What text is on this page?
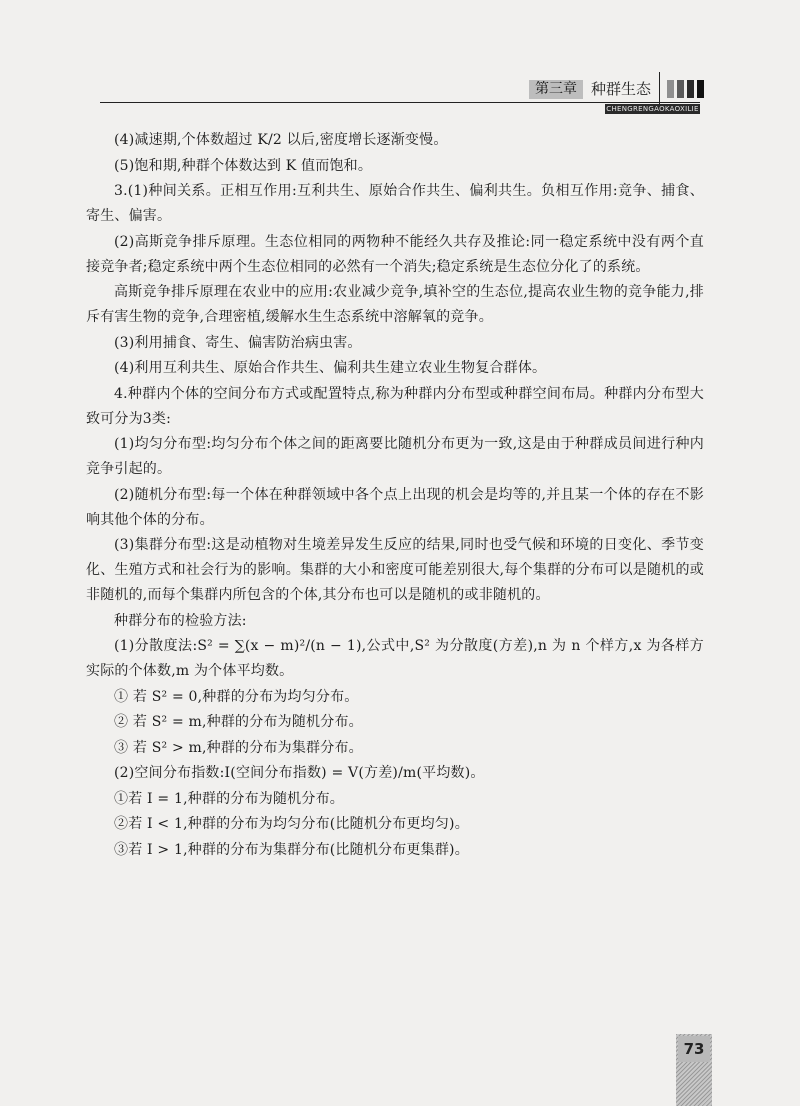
第三章 种群生态
CHENGRENGAOKAOXILIE

(4)减速期,个体数超过 K/2 以后,密度增长逐渐变慢。

(5)饱和期,种群个体数达到 K 值而饱和。

3.(1)种间关系。正相互作用:互利共生、原始合作共生、偏利共生。负相互作用:竞争、捕食、寄生、偏害。

(2)高斯竞争排斥原理。生态位相同的两物种不能经久共存及推论:同一稳定系统中没有两个直接竞争者;稳定系统中两个生态位相同的必然有一个消失;稳定系统是生态位分化了的系统。

高斯竞争排斥原理在农业中的应用:农业减少竞争,填补空的生态位,提高农业生物的竞争能力,排斥有害生物的竞争,合理密植,缓解水生生态系统中溶解氧的竞争。

(3)利用捕食、寄生、偏害防治病虫害。

(4)利用互利共生、原始合作共生、偏利共生建立农业生物复合群体。

4.种群内个体的空间分布方式或配置特点,称为种群内分布型或种群空间布局。种群内分布型大致可分为3类:

(1)均匀分布型:均匀分布个体之间的距离要比随机分布更为一致,这是由于种群成员间进行种内竞争引起的。

(2)随机分布型:每一个体在种群领域中各个点上出现的机会是均等的,并且某一个体的存在不影响其他个体的分布。

(3)集群分布型:这是动植物对生境差异发生反应的结果,同时也受气候和环境的日变化、季节变化、生殖方式和社会行为的影响。集群的大小和密度可能差别很大,每个集群的分布可以是随机的或非随机的,而每个集群内所包含的个体,其分布也可以是随机的或非随机的。

种群分布的检验方法:

(1)分散度法:S² = ∑(x − m)²/(n − 1),公式中,S² 为分散度(方差),n 为 n 个样方,x 为各样方实际的个体数,m 为个体平均数。

① 若 S² = 0,种群的分布为均匀分布。

② 若 S² = m,种群的分布为随机分布。

③ 若 S² > m,种群的分布为集群分布。

(2)空间分布指数:I(空间分布指数) = V(方差)/m(平均数)。

①若 I = 1,种群的分布为随机分布。

②若 I < 1,种群的分布为均匀分布(比随机分布更均匀)。

③若 I > 1,种群的分布为集群分布(比随机分布更集群)。

73
